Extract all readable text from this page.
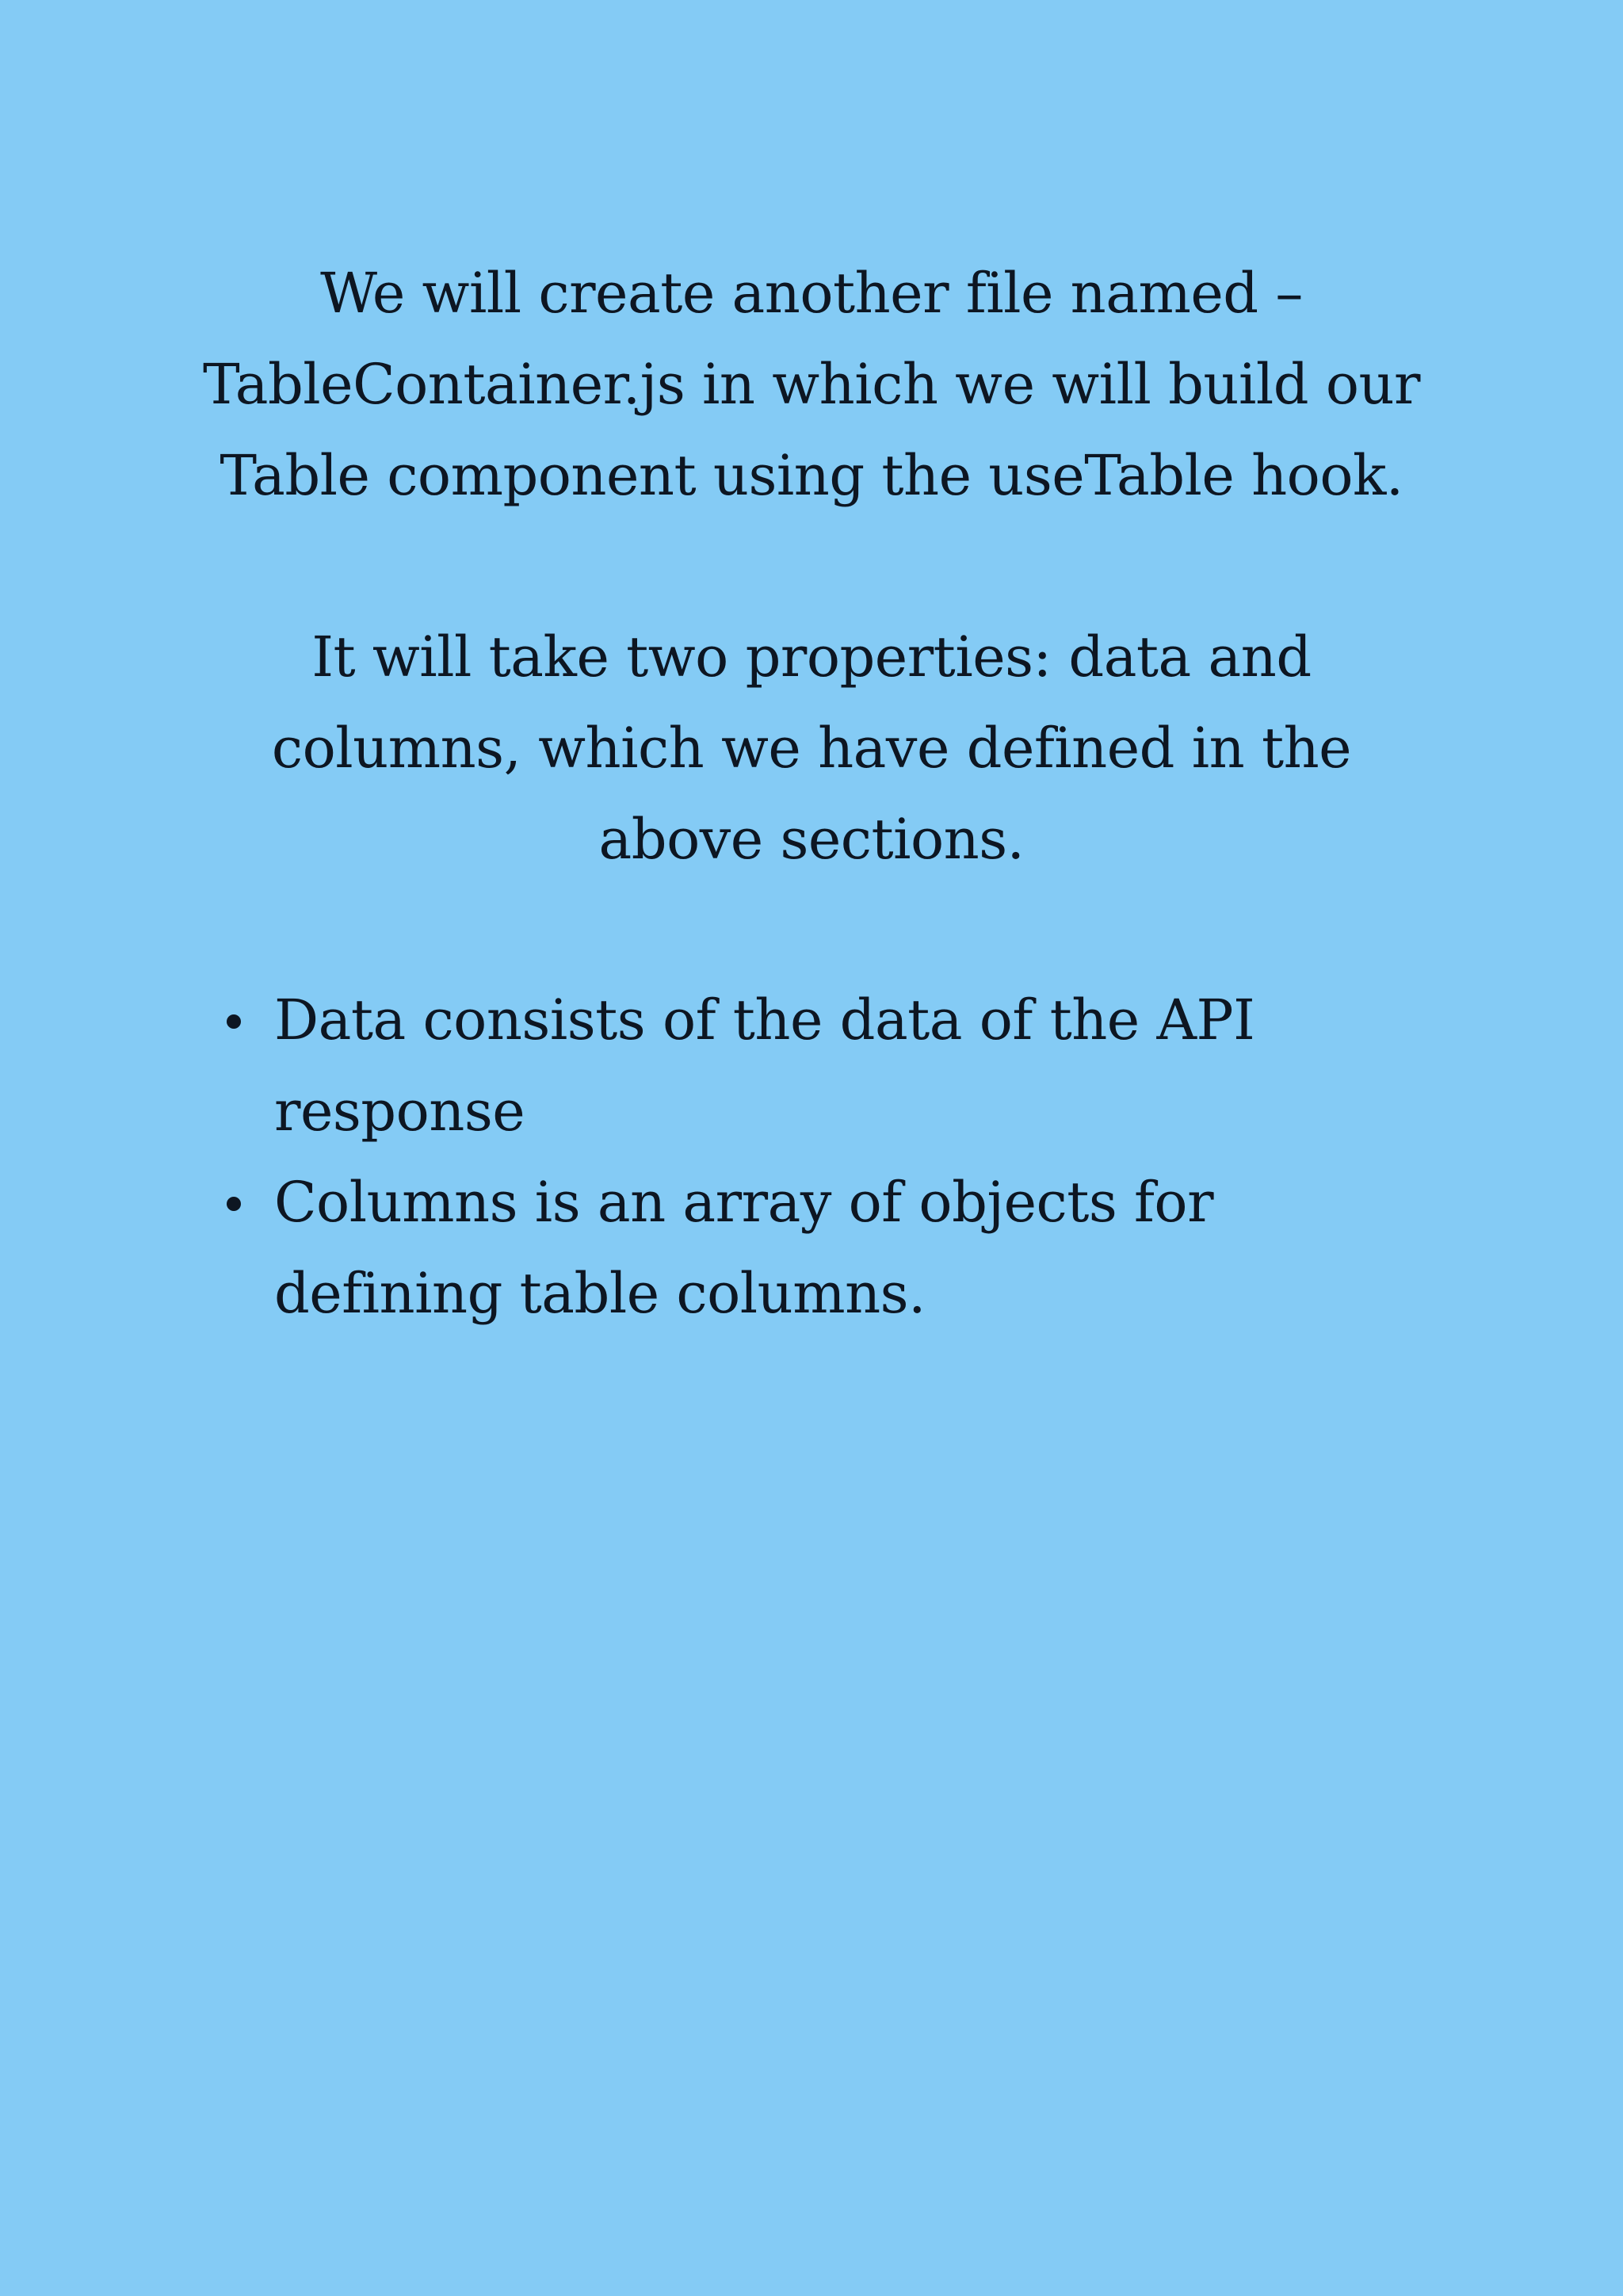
We will create another file named –
TableContainer.js in which we will build our
Table component using the useTable hook.

It will take two properties: data and
columns, which we have defined in the
above sections.

Data consists of the data of the API
response
Columns is an array of objects for
defining table columns.
